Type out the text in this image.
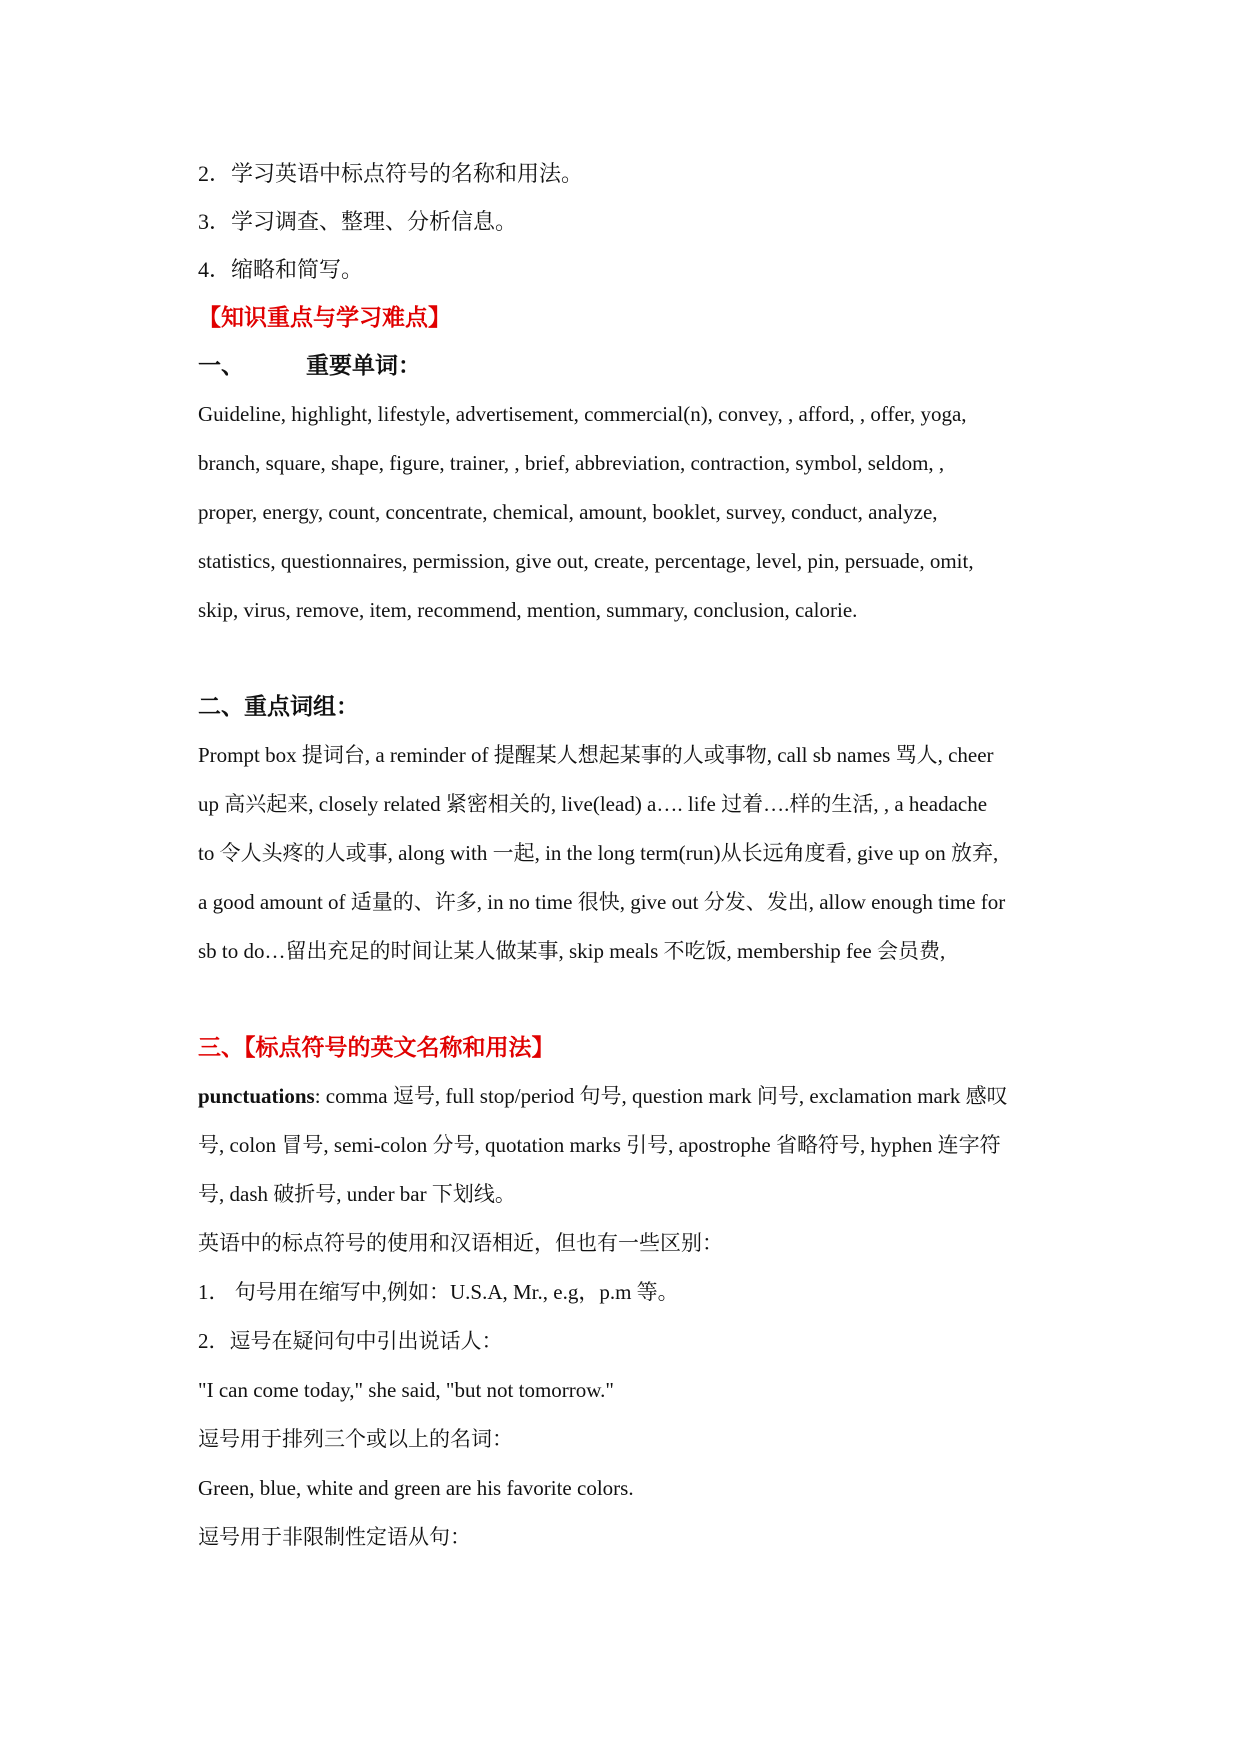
2．学习英语中标点符号的名称和用法。
3．学习调查、整理、分析信息。
4．缩略和简写。
【知识重点与学习难点】
一、	重要单词：
Guideline, highlight, lifestyle, advertisement, commercial(n), convey, , afford, , offer, yoga,
branch, square, shape, figure, trainer, , brief, abbreviation, contraction, symbol, seldom, ,
proper, energy, count, concentrate, chemical, amount, booklet, survey, conduct, analyze,
statistics, questionnaires, permission, give out, create, percentage, level, pin, persuade, omit,
skip, virus, remove, item, recommend, mention, summary, conclusion, calorie.
二、重点词组：
Prompt box 提词台, a reminder of 提醒某人想起某事的人或事物, call sb names 骂人, cheer
up 高兴起来, closely related 紧密相关的, live(lead) a…. life 过着….样的生活, , a headache
to 令人头疼的人或事, along with 一起, in the long term(run)从长远角度看, give up on 放弃,
a good amount of 适量的、许多, in no time 很快, give out 分发、发出, allow enough time for
sb to do…留出充足的时间让某人做某事, skip meals 不吃饭, membership fee 会员费,
三、【标点符号的英文名称和用法】
punctuations: comma 逗号, full stop/period 句号, question mark 问号, exclamation mark 感叹
号, colon 冒号, semi-colon 分号, quotation marks 引号, apostrophe 省略符号, hyphen 连字符
号, dash 破折号, under bar 下划线。
英语中的标点符号的使用和汉语相近，但也有一些区别：
1． 句号用在缩写中,例如：U.S.A, Mr., e.g，p.m 等。
2．逗号在疑问句中引出说话人：
"I can come today," she said, "but not tomorrow."
逗号用于排列三个或以上的名词：
Green, blue, white and green are his favorite colors.
逗号用于非限制性定语从句：
